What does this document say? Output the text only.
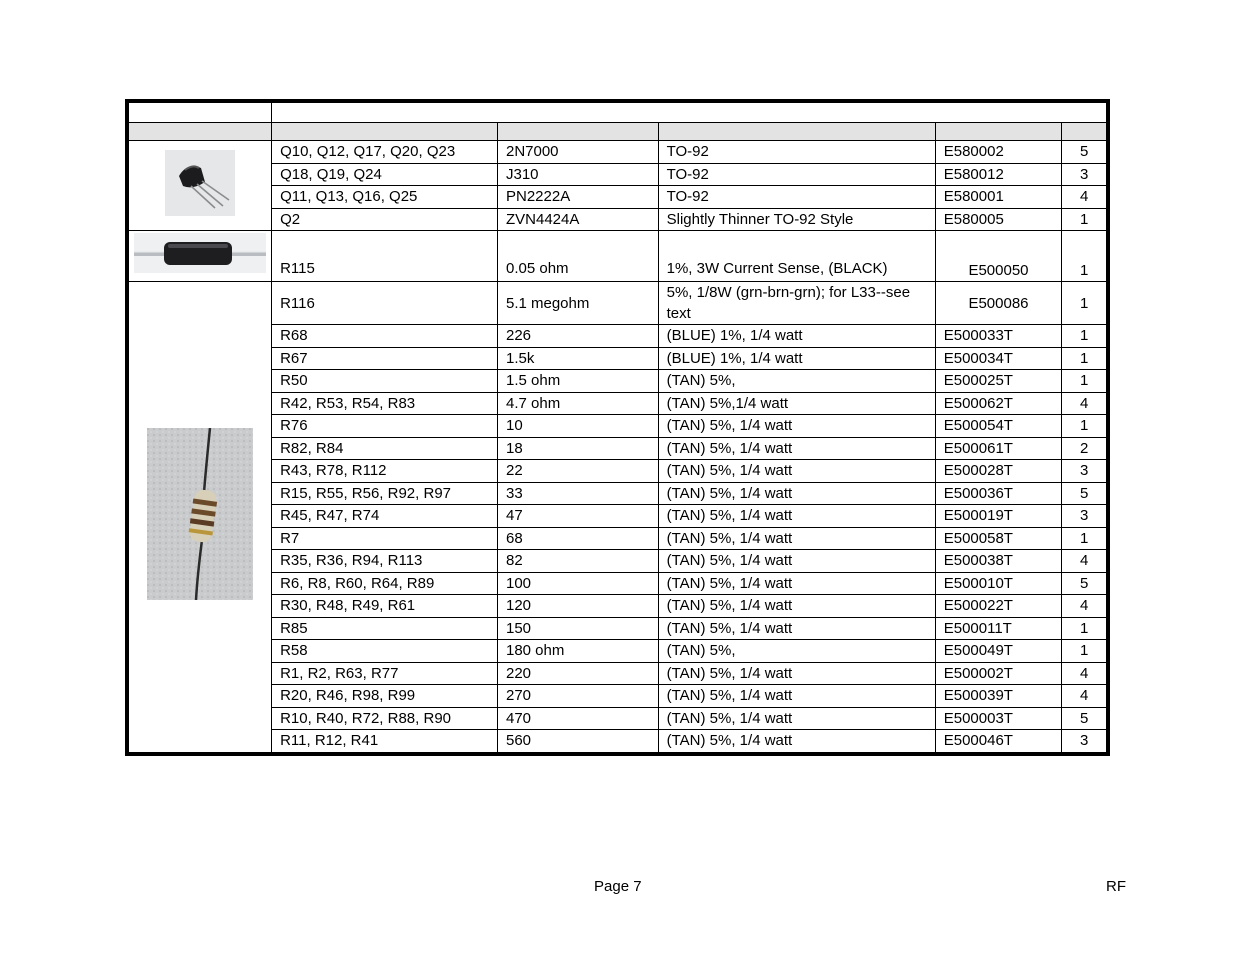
	Q10, Q12, Q17, Q20, Q23	2N7000	TO-92	E580002	5
	Q18, Q19, Q24	J310	TO-92	E580012	3
	Q11, Q13, Q16, Q25	PN2222A	TO-92	E580001	4
	Q2	ZVN4424A	Slightly Thinner TO-92 Style	E580005	1
	R115	0.05 ohm	1%, 3W Current Sense, (BLACK)	E500050	1
	R116	5.1 megohm	5%, 1/8W (grn-brn-grn); for L33--see text	E500086	1
	R68	226	(BLUE) 1%, 1/4 watt	E500033T	1
	R67	1.5k	(BLUE) 1%, 1/4 watt	E500034T	1
	R50	1.5 ohm	(TAN) 5%,	E500025T	1
	R42, R53, R54, R83	4.7 ohm	(TAN) 5%,1/4 watt	E500062T	4
	R76	10	(TAN) 5%, 1/4 watt	E500054T	1
	R82, R84	18	(TAN) 5%, 1/4 watt	E500061T	2
	R43, R78, R112	22	(TAN) 5%, 1/4 watt	E500028T	3
	R15, R55, R56, R92, R97	33	(TAN) 5%, 1/4 watt	E500036T	5
	R45, R47, R74	47	(TAN) 5%, 1/4 watt	E500019T	3
	R7	68	(TAN) 5%, 1/4 watt	E500058T	1
	R35, R36, R94, R113	82	(TAN) 5%, 1/4 watt	E500038T	4
	R6, R8, R60, R64, R89	100	(TAN) 5%, 1/4 watt	E500010T	5
	R30, R48, R49, R61	120	(TAN) 5%, 1/4 watt	E500022T	4
	R85	150	(TAN) 5%, 1/4 watt	E500011T	1
	R58	180 ohm	(TAN) 5%,	E500049T	1
	R1, R2, R63, R77	220	(TAN) 5%, 1/4 watt	E500002T	4
	R20, R46, R98, R99	270	(TAN) 5%, 1/4 watt	E500039T	4
	R10, R40, R72, R88, R90	470	(TAN) 5%, 1/4 watt	E500003T	5
	R11, R12, R41	560	(TAN) 5%, 1/4 watt	E500046T	3
Page 7	RF
